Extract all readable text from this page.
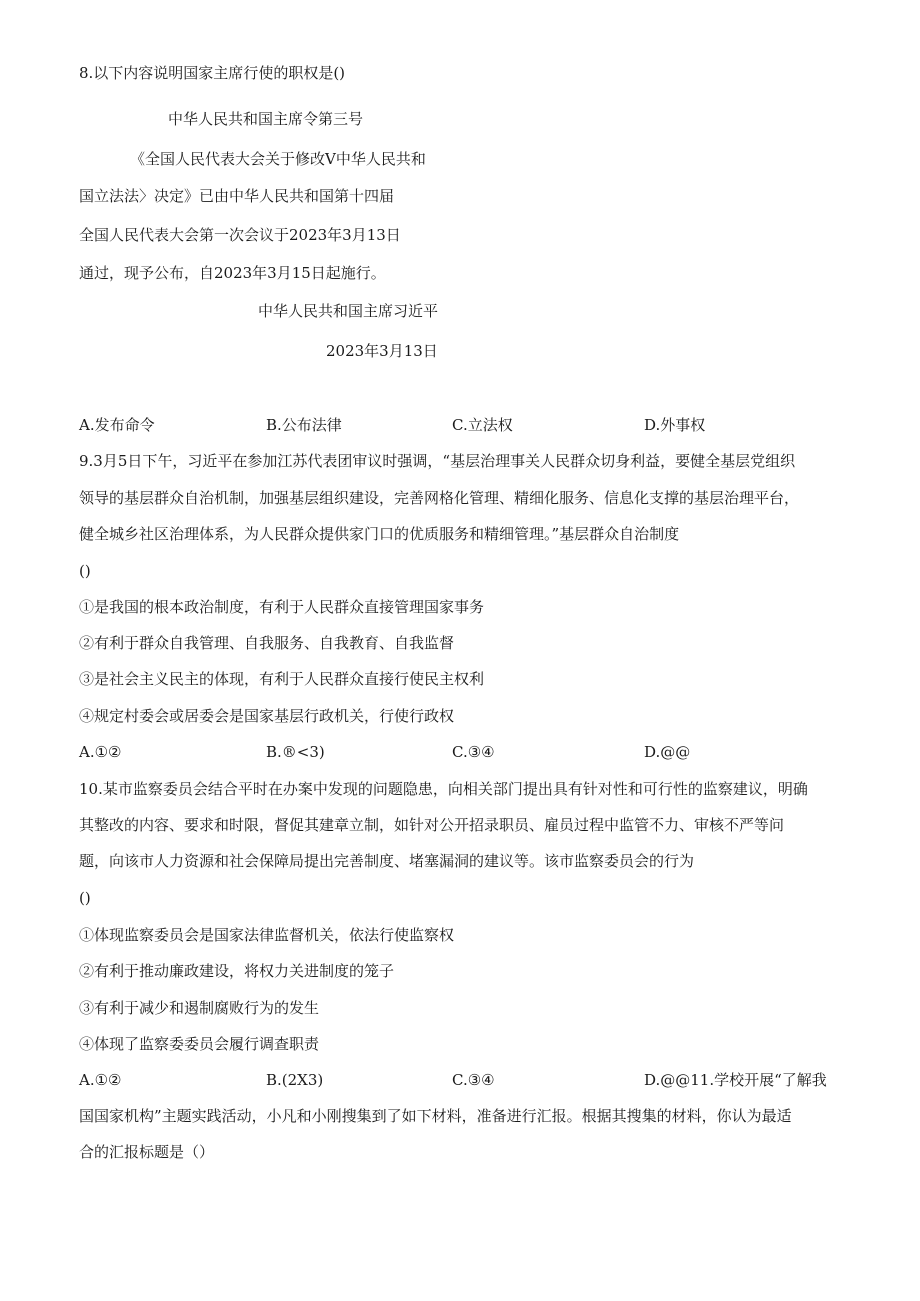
8.以下内容说明国家主席行使的职权是()
中华人民共和国主席令第三号
《全国人民代表大会关于修改V中华人民共和
国立法法〉决定》已由中华人民共和国第十四届
全国人民代表大会第一次会议于2023年3月13日
通过，现予公布，自2023年3月15日起施行。
中华人民共和国主席习近平
2023年3月13日
A.发布命令	B.公布法律	C.立法权	D.外事权
9.3月5日下午，习近平在参加江苏代表团审议时强调，“基层治理事关人民群众切身利益，要健全基层党组织
领导的基层群众自治机制，加强基层组织建设，完善网格化管理、精细化服务、信息化支撑的基层治理平台，
健全城乡社区治理体系，为人民群众提供家门口的优质服务和精细管理。”基层群众自治制度
()
①是我国的根本政治制度，有利于人民群众直接管理国家事务
②有利于群众自我管理、自我服务、自我教育、自我监督
③是社会主义民主的体现，有利于人民群众直接行使民主权利
④规定村委会或居委会是国家基层行政机关，行使行政权
A.①②	B.®<3)	C.③④	D.@@
10.某市监察委员会结合平时在办案中发现的问题隐患，向相关部门提出具有针对性和可行性的监察建议，明确
其整改的内容、要求和时限，督促其建章立制，如针对公开招录职员、雇员过程中监管不力、审核不严等问
题，向该市人力资源和社会保障局提出完善制度、堵塞漏洞的建议等。该市监察委员会的行为
()
①体现监察委员会是国家法律监督机关，依法行使监察权
②有利于推动廉政建设，将权力关进制度的笼子
③有利于减少和遏制腐败行为的发生
④体现了监察委委员会履行调查职责
A.①②	B.(2X3)	C.③④	D.@@11.学校开展“了解我
国国家机构”主题实践活动，小凡和小刚搜集到了如下材料，准备进行汇报。根据其搜集的材料，你认为最适
合的汇报标题是（）
